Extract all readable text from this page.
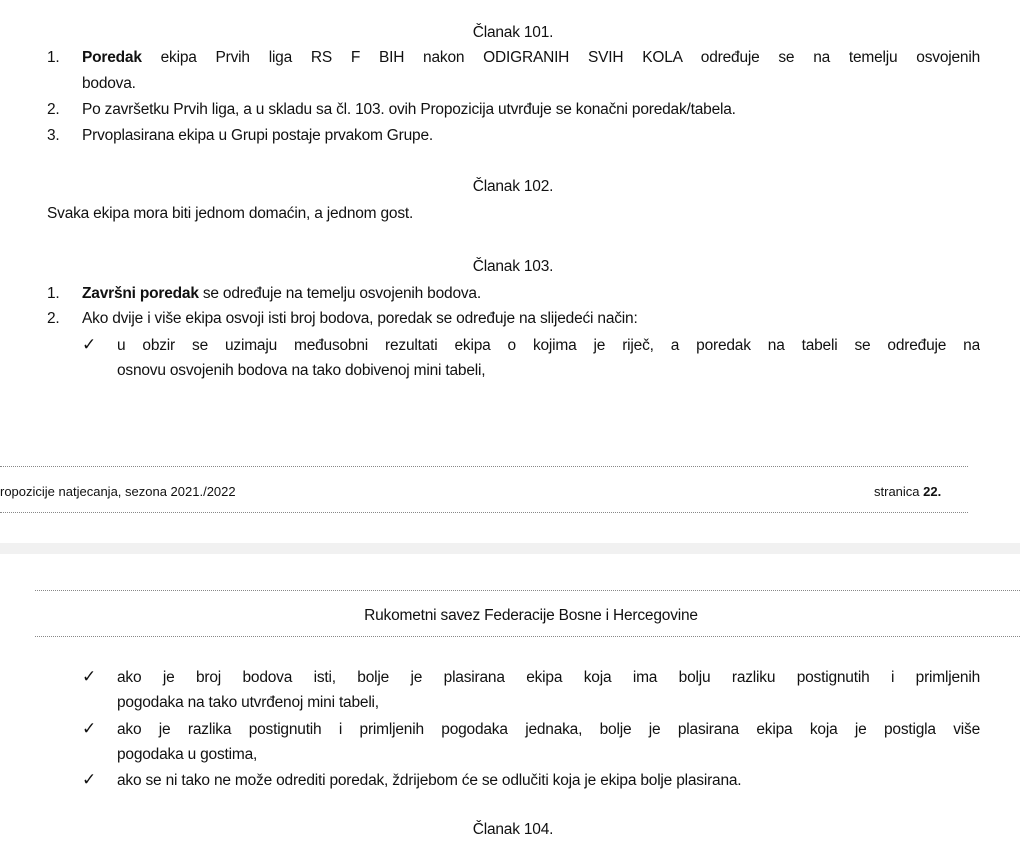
Članak 101.
1. Poredak ekipa Prvih liga RS F BIH nakon ODIGRANIH SVIH KOLA određuje se na temelju osvojenih
bodova.
2. Po završetku Prvih liga, a u skladu sa čl. 103. ovih Propozicija utvrđuje se konačni poredak/tabela.
3. Prvoplasirana ekipa u Grupi postaje prvakom Grupe.
Članak 102.
Svaka ekipa mora biti jednom domaćin, a jednom gost.
Članak 103.
1. Završni poredak se određuje na temelju osvojenih bodova.
2. Ako dvije i više ekipa osvoji isti broj bodova, poredak se određuje na slijedeći način:
✓ u obzir se uzimaju međusobni rezultati ekipa o kojima je riječ, a poredak na tabeli se određuje na
osnovu osvojenih bodova na tako dobivenoj mini tabeli,
ropozicije natjecanja, sezona 2021./2022	stranica 22.
Rukometni savez Federacije Bosne i Hercegovine
✓ ako je broj bodova isti, bolje je plasirana ekipa koja ima bolju razliku postignutih i primljenih
pogodaka na tako utvrđenoj mini tabeli,
✓ ako je razlika postignutih i primljenih pogodaka jednaka, bolje je plasirana ekipa koja je postigla više
pogodaka u gostima,
✓ ako se ni tako ne može odrediti poredak, ždrijebom će se odlučiti koja je ekipa bolje plasirana.
Članak 104.
